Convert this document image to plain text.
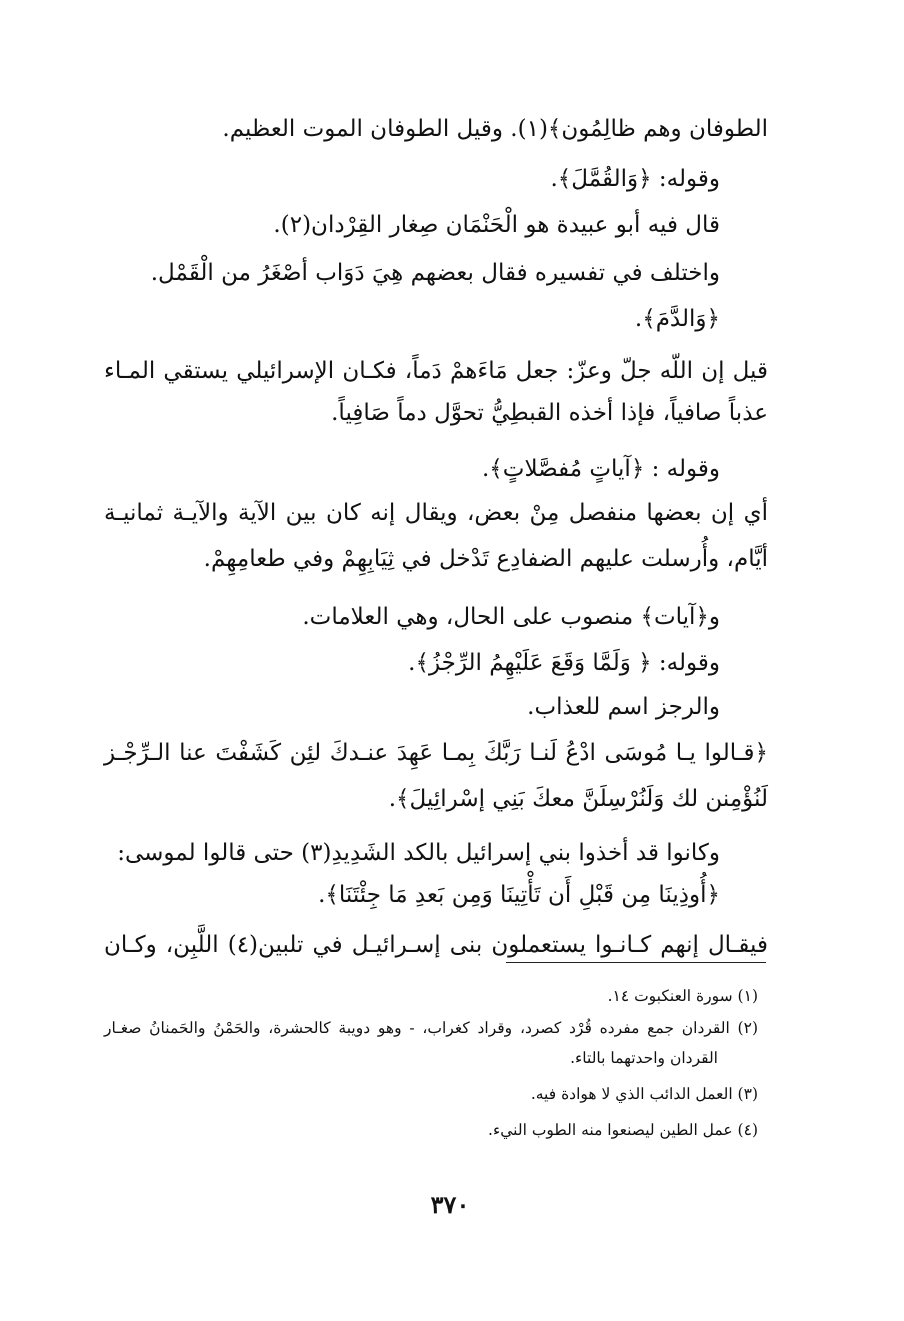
الطوفان وهم ظالِمُون﴾(١). وقيل الطوفان الموت العظيم.
وقوله: ﴿وَالقُمَّلَ﴾.
قال فيه أبو عبيدة هو الْحَنْمَان صِغار القِرْدان(٢).
واختلف في تفسيره فقال بعضهم هِيَ دَوَاب أصْغَرُ من الْقَمْل.
﴿وَالدَّمَ﴾.
قيل إن اللّه جلّ وعزّ: جعل مَاءَهمْ دَماً، فكـان الإسرائيلي يستقي المـاء
عذباً صافياً، فإذا أخذه القبطِيُّ تحوَّل دماً صَافِياً.
وقوله : ﴿آياتٍ مُفصَّلاتٍ﴾.
أي إن بعضها منفصل مِنْ بعض، ويقال إنه كان بين الآية والآيـة ثمانيـة
أيَّام، وأُرسلت عليهم الضفادِع تَدْخل في ثِيَابِهِمْ وفي طعامِهِمْ.
و﴿آيات﴾ منصوب على الحال، وهي العلامات.
وقوله: ﴿ وَلَمَّا وَقَعَ عَلَيْهِمُ الرِّجْزُ﴾.
والرجز اسم للعذاب.
﴿قـالوا يـا مُوسَى ادْعُ لَنـا رَبَّكَ بِمـا عَهِدَ عنـدكَ لئِن كَشَفْتَ عنا الـرِّجْـز
لَنُؤْمِنن لك وَلَنُرْسِلَنَّ معكَ بَنِي إسْرائِيلَ﴾.
وكانوا قد أخذوا بني إسرائيل بالكد الشَدِيدِ(٣) حتى قالوا لموسى:
﴿أُوذِينَا مِن قَبْلِ أَن تَأْتِينَا وَمِن بَعدِ مَا جِئْتَنَا﴾.
فيقـال إنهم كـانـوا يستعملون بنى إسـرائيـل في تلبين(٤) اللَّبِن، وكـان
(١) سورة العنكبوت ١٤.
(٢) القردان جمع مفرده قُرْد كصرد، وقراد كغراب، - وهو دويبة كالحشرة، والحَمْنُ والحَمنانُ صغـار
القردان واحدتهما بالتاء.
(٣) العمل الدائب الذي لا هوادة فيه.
(٤) عمل الطين ليصنعوا منه الطوب النيء.
٣٧٠
